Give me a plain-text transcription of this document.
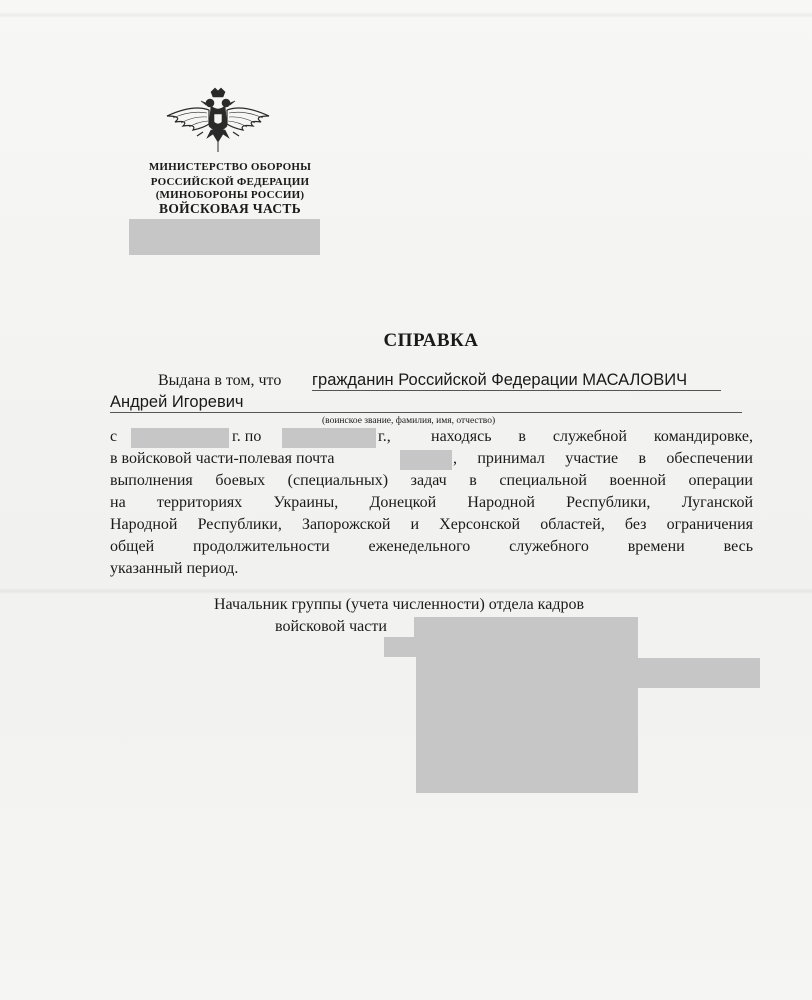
МИНИСТЕРСТВО ОБОРОНЫ
РОССИЙСКОЙ ФЕДЕРАЦИИ
(МИНОБОРОНЫ РОССИИ)
ВОЙСКОВАЯ ЧАСТЬ
СПРАВКА
Выдана в том, что гражданин Российской Федерации МАСАЛОВИЧ
Андрей Игоревич
(воинское звание, фамилия, имя, отчество)
с	г. по	г.,	находясь в служебной командировке,
в войсковой части-полевая почта	, принимал участие в обеспечении
выполнения боевых (специальных) задач в специальной военной операции
на территориях Украины, Донецкой Народной Республики, Луганской
Народной Республики, Запорожской и Херсонской областей, без ограничения
общей продолжительности еженедельного служебного времени весь
указанный период.
Начальник группы (учета численности) отдела кадров
войсковой части
